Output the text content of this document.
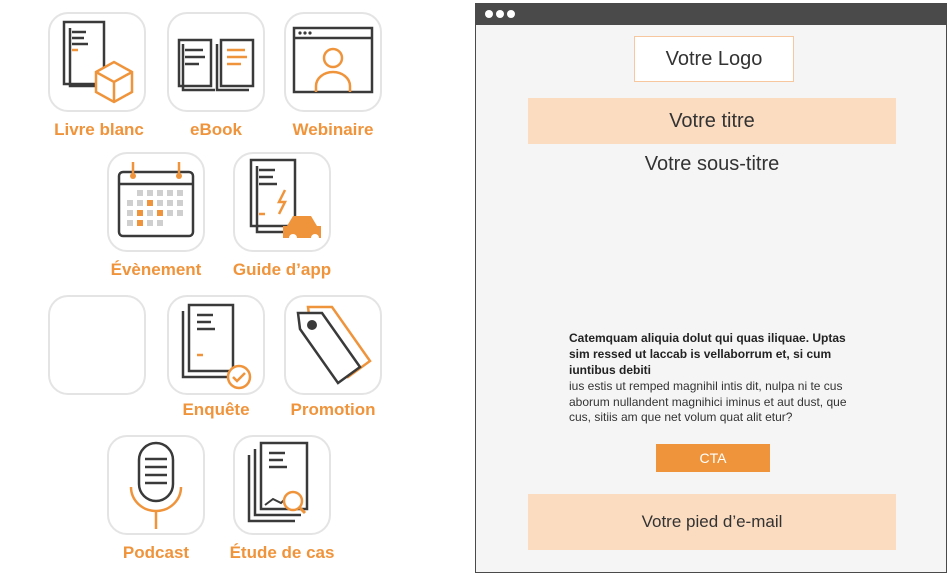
Livre blanc	eBook	Webinaire
Évènement	Guide d’app
Enquête	Promotion
Podcast	Étude de cas
Votre Logo
Votre titre
Votre sous-titre
Catemquam aliquia dolut qui quas iliquae. Uptas sim ressed ut laccab is vellaborrum et, si cum iuntibus debiti
ius estis ut remped magnihil intis dit, nulpa ni te cus aborum nullandent magnihici iminus et aut dust, que cus, sitiis am que net volum quat alit etur?
CTA
Votre pied d’e-mail
